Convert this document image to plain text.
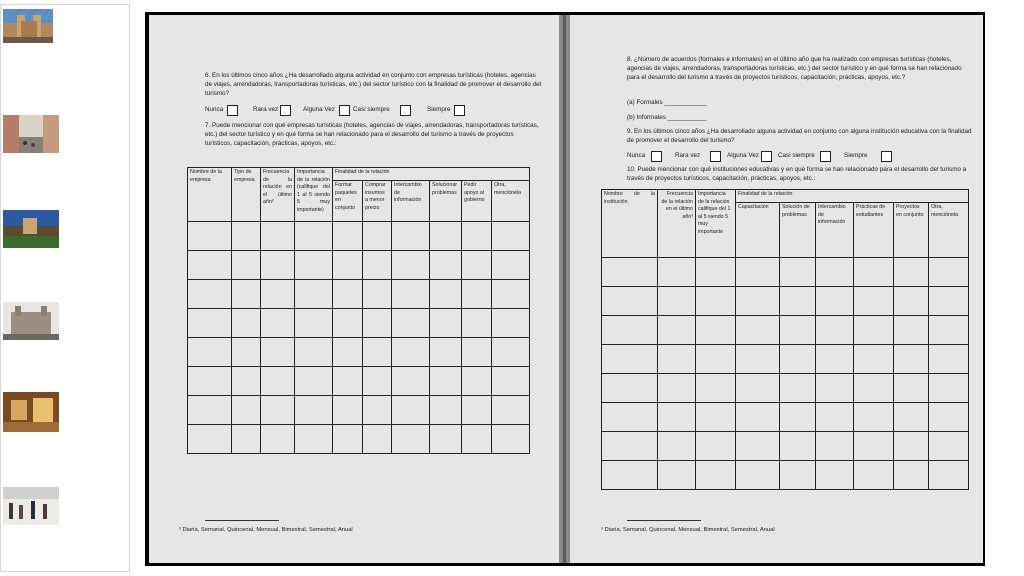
6. En los últimos cinco años ¿Ha desarrollado alguna actividad en conjunto con empresas turísticas (hoteles, agencias de viajes, arrendadoras, transportadoras turísticas, etc.) del sector turístico con la finalidad de promover el desarrollo del turismo?
Nunca	Rara vez	Alguna Vez	Casi siempre	Siempre
7. Puede mencionar con qué empresas turísticas (hoteles, agencias de viajes, arrendadoras, transportadoras turísticas, etc.) del sector turístico y en qué forma se han relacionado para el desarrollo del turismo a través de proyectos turísticos, capacitación, prácticas, apoyos, etc.:
Nombre de la empresa	Tipo de empresa	Frecuencia de la relación en el último año²	Importancia de la relación (califique del 1 al 5 siendo 5 muy importante)	Finalidad de la relación					
				Formar paquetes en conjunto	Comprar insumos a menor precio	Intercambio de información	Solucionar problemas	Pedir apoyo al gobierno	Otra, menciónela

² Diaria, Semanal, Quincenal, Mensual, Bimestral, Semestral, Anual
8. ¿Número de acuerdos (formales e informales) en el último año que ha realizado con empresas turísticas (hoteles, agencias de viajes, arrendadoras, transportadoras turísticas, etc.) del sector turístico y en qué forma se han relacionado para el desarrollo del turismo a través de proyectos turísticos, capacitación, prácticas, apoyos, etc.?
(a) Formales ____________
(b) Informales ___________
9. En los últimos cinco años ¿Ha desarrollado alguna actividad en conjunto con alguna institución educativa con la finalidad de promover el desarrollo del turismo?
Nunca	Rara vez	Alguna Vez	Casi siempre	Siempre
10. Puede mencionar con qué instituciones educativas y en qué forma se han relacionado para el desarrollo del turismo a través de proyectos turísticos, capacitación, prácticas, apoyos, etc.:
Nombre de la institución	Frecuencia de la relación en el último año³	Importancia de la relación califique del 1 al 5 siendo 5 muy importante	Finalidad de la relación					
			Capacitación	Solución de problemas	Intercambio de información	Prácticas de estudiantes	Proyectos en conjunto	Otra, menciónela

³ Diaria, Semanal, Quincenal, Mensual, Bimestral, Semestral, Anual
